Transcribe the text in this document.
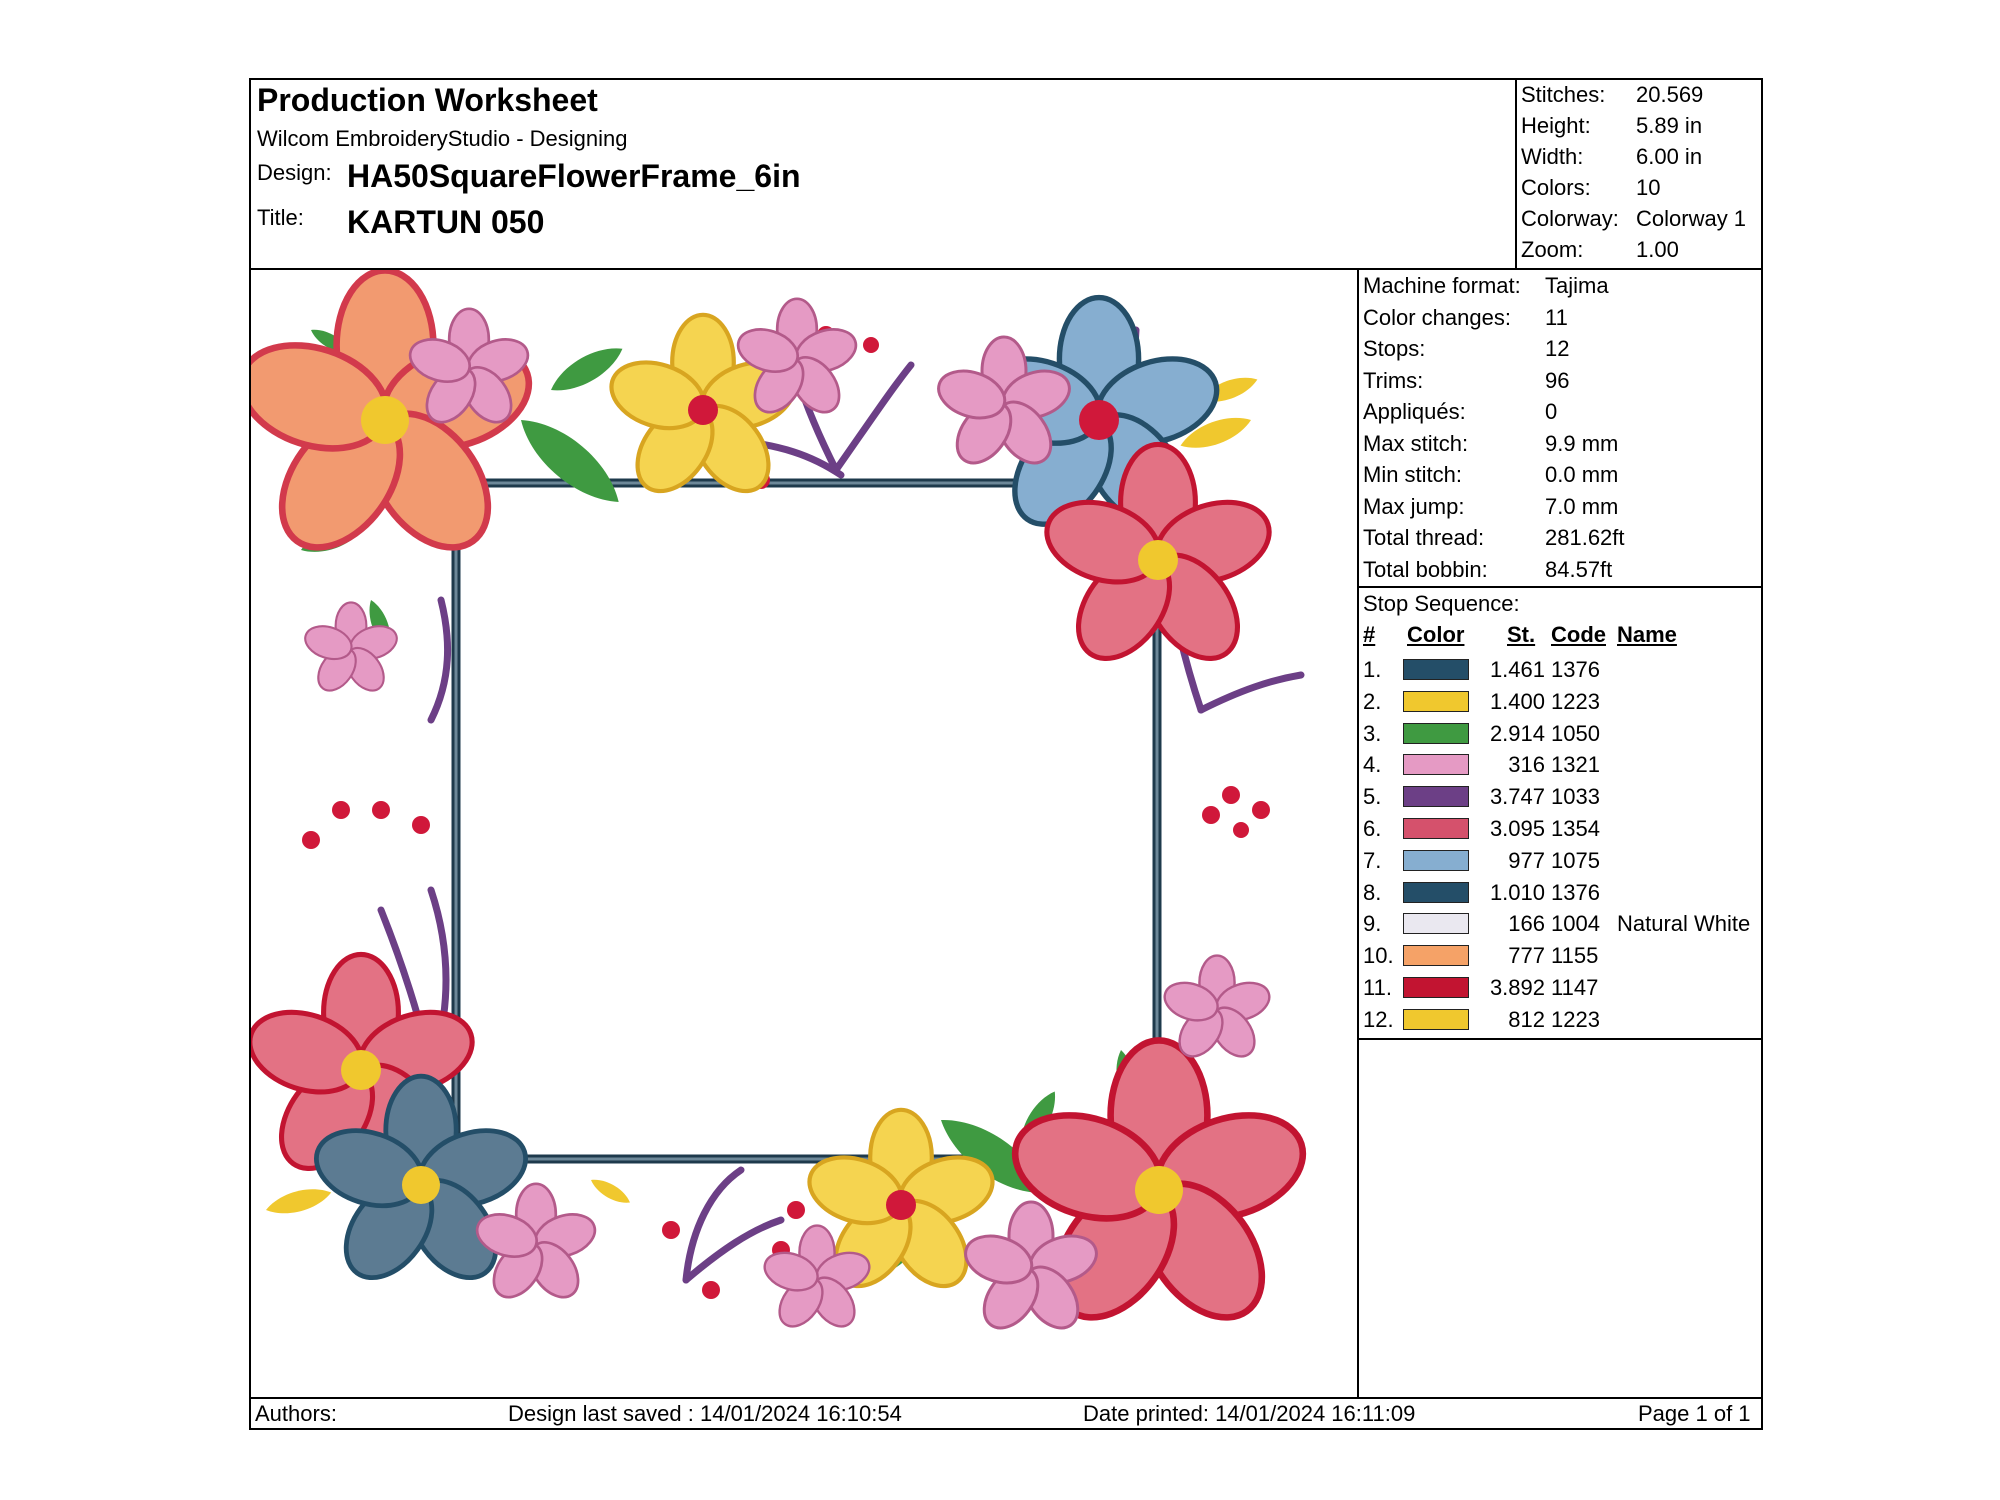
Production Worksheet
Wilcom EmbroideryStudio - Designing
Design: HA50SquareFlowerFrame_6in
Title: KARTUN 050
Stitches: 20.569
Height: 5.89 in
Width: 6.00 in
Colors: 10
Colorway: Colorway 1
Zoom: 1.00
Machine format: Tajima
Color changes: 11
Stops:	12
Trims:	96
Appliqués:	0
Max stitch:	9.9 mm
Min stitch:	0.0 mm
Max jump:	7.0 mm
Total thread:	281.62ft
Total bobbin:	84.57ft
Stop Sequence:
# Color St. Code Name
1.	1.461 1376
2.	1.400 1223
3.	2.914 1050
4.	316 1321
5.	3.747 1033
6.	3.095 1354
7.	977 1075
8.	1.010 1376
9.	166 1004 Natural White
10.	777 1155
11.	3.892 1147
12.	812 1223
Authors:	Design last saved : 14/01/2024 16:10:54	Date printed: 14/01/2024 16:11:09	Page 1 of 1
